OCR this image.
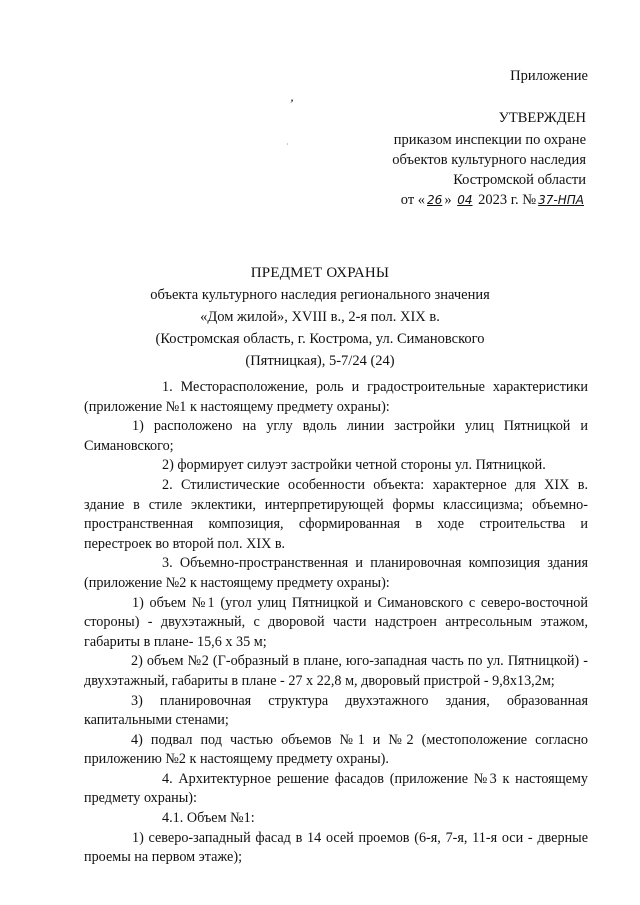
Приложение
ʼ
·
УТВЕРЖДЕН
приказом инспекции по охране
объектов культурного наследия
Костромской области
от « 26 » 04 2023 г. № 37-НПА
ПРЕДМЕТ ОХРАНЫ
объекта культурного наследия регионального значения
«Дом жилой», XVIII в., 2-я пол. XIX в.
(Костромская область, г. Кострома, ул. Симановского
(Пятницкая), 5-7/24 (24)

1. Месторасположение, роль и градостроительные характеристики (приложение №1 к настоящему предмету охраны):

1) расположено на углу вдоль линии застройки улиц Пятницкой и Симановского;

2) формирует силуэт застройки четной стороны ул. Пятницкой.

2. Стилистические особенности объекта: характерное для XIX в. здание в стиле эклектики, интерпретирующей формы классицизма; объемно-пространственная композиция, сформированная в ходе строительства и перестроек во второй пол. XIX в.

3. Объемно-пространственная и планировочная композиция здания (приложение №2 к настоящему предмету охраны):

1) объем №1 (угол улиц Пятницкой и Симановского с северо-восточной стороны) - двухэтажный, с дворовой части надстроен антресольным этажом, габариты в плане- 15,6 х 35 м;

2) объем №2 (Г-образный в плане, юго-западная часть по ул. Пятницкой) - двухэтажный, габариты в плане - 27 х 22,8 м, дворовый пристрой - 9,8х13,2м;

3) планировочная структура двухэтажного здания, образованная капитальными стенами;

4) подвал под частью объемов №1 и №2 (местоположение согласно приложению №2 к настоящему предмету охраны).

4. Архитектурное решение фасадов (приложение №3 к настоящему предмету охраны):

4.1. Объем №1:

1) северо-западный фасад в 14 осей проемов (6-я, 7-я, 11-я оси - дверные проемы на первом этаже);
